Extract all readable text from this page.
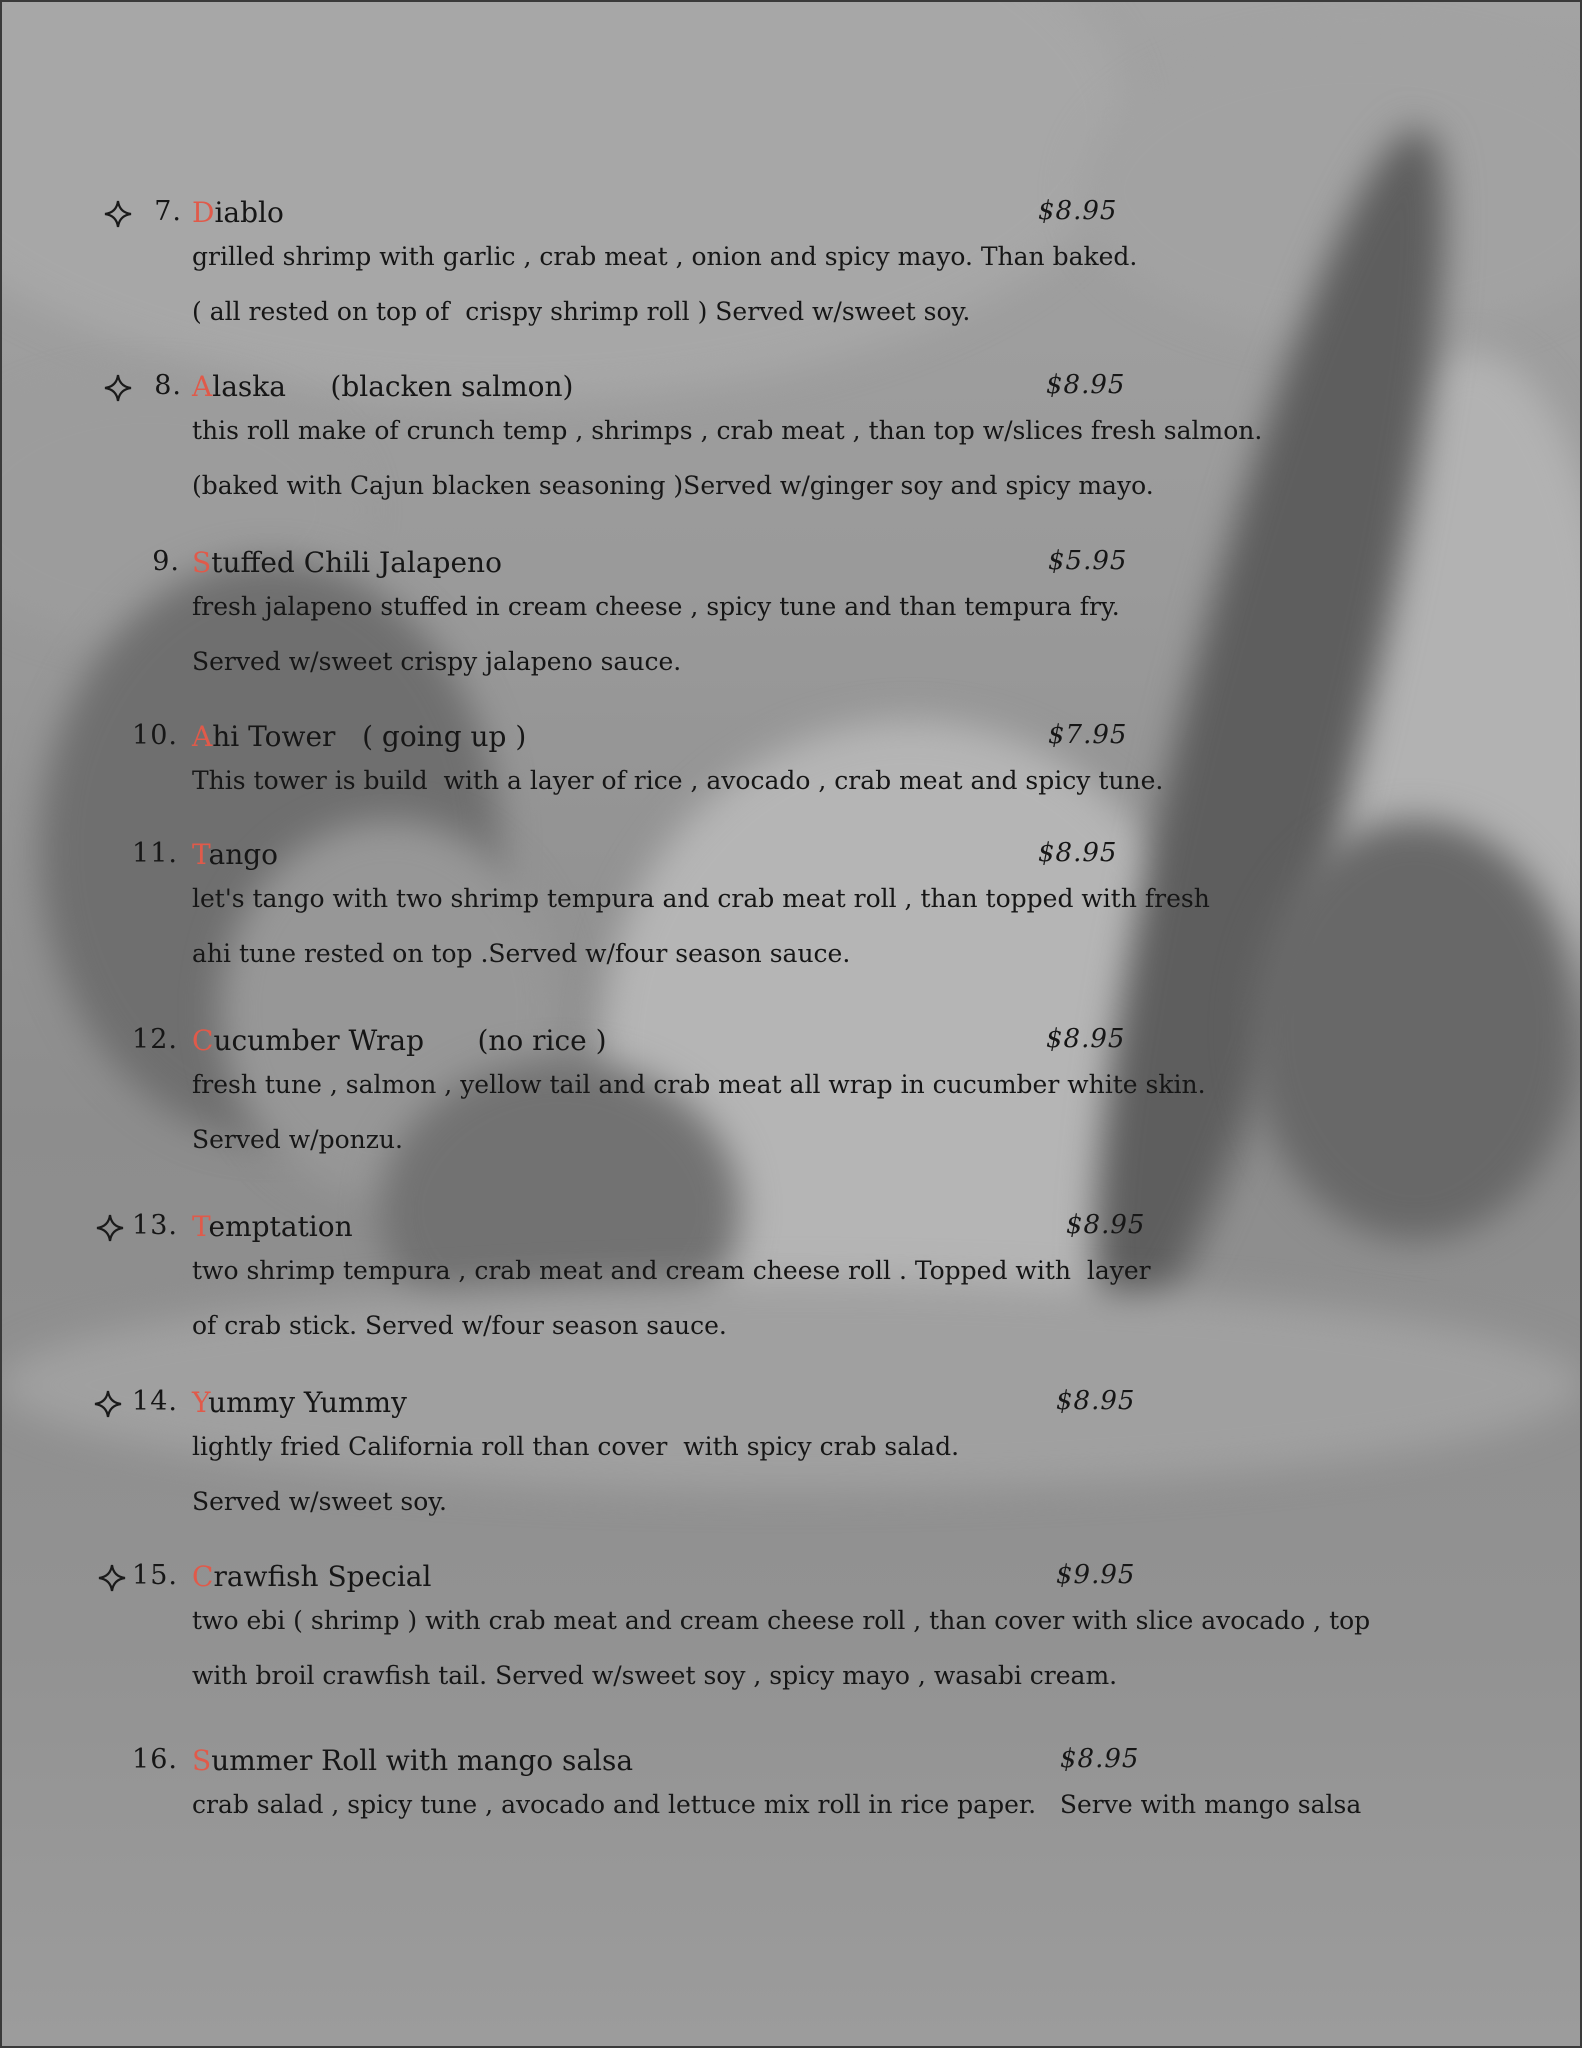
7. Diablo	$8.95
grilled shrimp with garlic , crab meat , onion and spicy mayo. Than baked.
( all rested on top of  crispy shrimp roll ) Served w/sweet soy.
8. Alaska     (blacken salmon)	$8.95
this roll make of crunch temp , shrimps , crab meat , than top w/slices fresh salmon.
(baked with Cajun blacken seasoning )Served w/ginger soy and spicy mayo.
9. Stuffed Chili Jalapeno	$5.95
fresh jalapeno stuffed in cream cheese , spicy tune and than tempura fry.
Served w/sweet crispy jalapeno sauce.
10. Ahi Tower   ( going up )	$7.95
This tower is build  with a layer of rice , avocado , crab meat and spicy tune.
11. Tango	$8.95
let's tango with two shrimp tempura and crab meat roll , than topped with fresh
ahi tune rested on top .Served w/four season sauce.
12. Cucumber Wrap      (no rice )	$8.95
fresh tune , salmon , yellow tail and crab meat all wrap in cucumber white skin.
Served w/ponzu.
13. Temptation	$8.95
two shrimp tempura , crab meat and cream cheese roll . Topped with  layer
of crab stick. Served w/four season sauce.
14. Yummy Yummy	$8.95
lightly fried California roll than cover  with spicy crab salad.
Served w/sweet soy.
15. Crawfish Special	$9.95
two ebi ( shrimp ) with crab meat and cream cheese roll , than cover with slice avocado , top
with broil crawfish tail. Served w/sweet soy , spicy mayo , wasabi cream.
16. Summer Roll with mango salsa	$8.95
crab salad , spicy tune , avocado and lettuce mix roll in rice paper.   Serve with mango salsa
